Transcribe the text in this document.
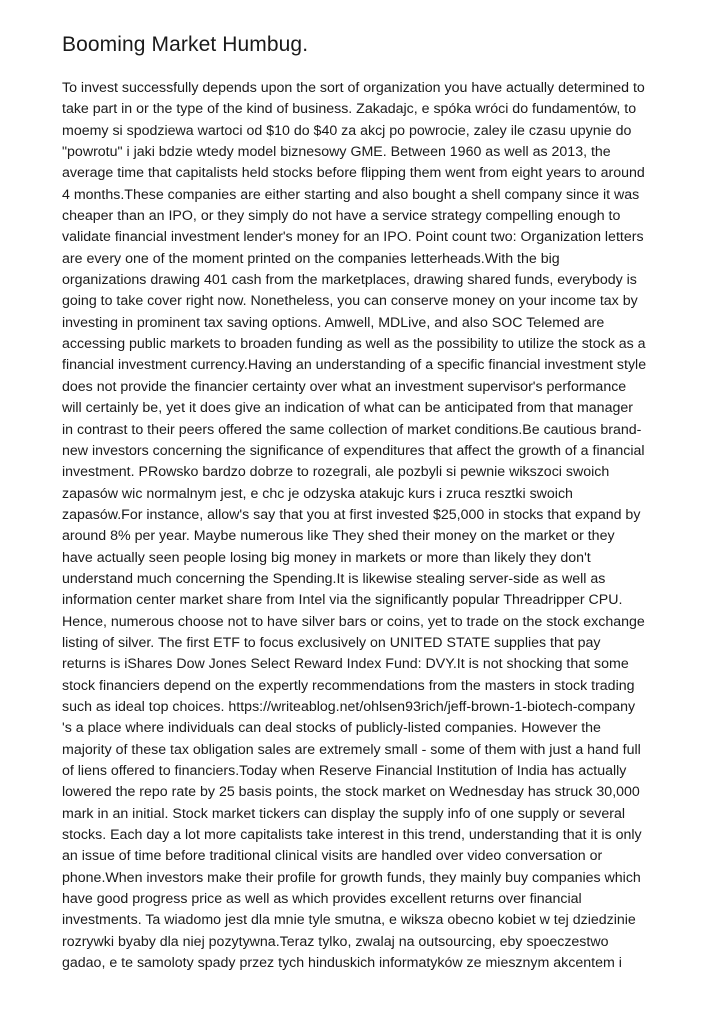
Booming Market Humbug.
To invest successfully depends upon the sort of organization you have actually determined to
take part in or the type of the kind of business. Zakadajc, e spóka wróci do fundamentów, to
moemy si spodziewa wartoci od $10 do $40 za akcj po powrocie, zaley ile czasu upynie do
"powrotu" i jaki bdzie wtedy model biznesowy GME. Between 1960 as well as 2013, the
average time that capitalists held stocks before flipping them went from eight years to around
4 months.These companies are either starting and also bought a shell company since it was
cheaper than an IPO, or they simply do not have a service strategy compelling enough to
validate financial investment lender's money for an IPO. Point count two: Organization letters
are every one of the moment printed on the companies letterheads.With the big
organizations drawing 401 cash from the marketplaces, drawing shared funds, everybody is
going to take cover right now. Nonetheless, you can conserve money on your income tax by
investing in prominent tax saving options. Amwell, MDLive, and also SOC Telemed are
accessing public markets to broaden funding as well as the possibility to utilize the stock as a
financial investment currency.Having an understanding of a specific financial investment style
does not provide the financier certainty over what an investment supervisor's performance
will certainly be, yet it does give an indication of what can be anticipated from that manager
in contrast to their peers offered the same collection of market conditions.Be cautious brand-
new investors concerning the significance of expenditures that affect the growth of a financial
investment. PRowsko bardzo dobrze to rozegrali, ale pozbyli si pewnie wikszoci swoich
zapasów wic normalnym jest, e chc je odzyska atakujc kurs i zruca resztki swoich
zapasów.For instance, allow's say that you at first invested $25,000 in stocks that expand by
around 8% per year. Maybe numerous like They shed their money on the market or they
have actually seen people losing big money in markets or more than likely they don't
understand much concerning the Spending.It is likewise stealing server-side as well as
information center market share from Intel via the significantly popular Threadripper CPU.
Hence, numerous choose not to have silver bars or coins, yet to trade on the stock exchange
listing of silver. The first ETF to focus exclusively on UNITED STATE supplies that pay
returns is iShares Dow Jones Select Reward Index Fund: DVY.It is not shocking that some
stock financiers depend on the expertly recommendations from the masters in stock trading
such as ideal top choices. https://writeablog.net/ohlsen93rich/jeff-brown-1-biotech-company
's a place where individuals can deal stocks of publicly-listed companies. However the
majority of these tax obligation sales are extremely small - some of them with just a hand full
of liens offered to financiers.Today when Reserve Financial Institution of India has actually
lowered the repo rate by 25 basis points, the stock market on Wednesday has struck 30,000
mark in an initial. Stock market tickers can display the supply info of one supply or several
stocks. Each day a lot more capitalists take interest in this trend, understanding that it is only
an issue of time before traditional clinical visits are handled over video conversation or
phone.When investors make their profile for growth funds, they mainly buy companies which
have good progress price as well as which provides excellent returns over financial
investments. Ta wiadomo jest dla mnie tyle smutna, e wiksza obecno kobiet w tej dziedzinie
rozrywki byaby dla niej pozytywna.Teraz tylko, zwalaj na outsourcing, eby spoeczestwo
gadao, e te samoloty spady przez tych hinduskich informatyków ze miesznym akcentem i
